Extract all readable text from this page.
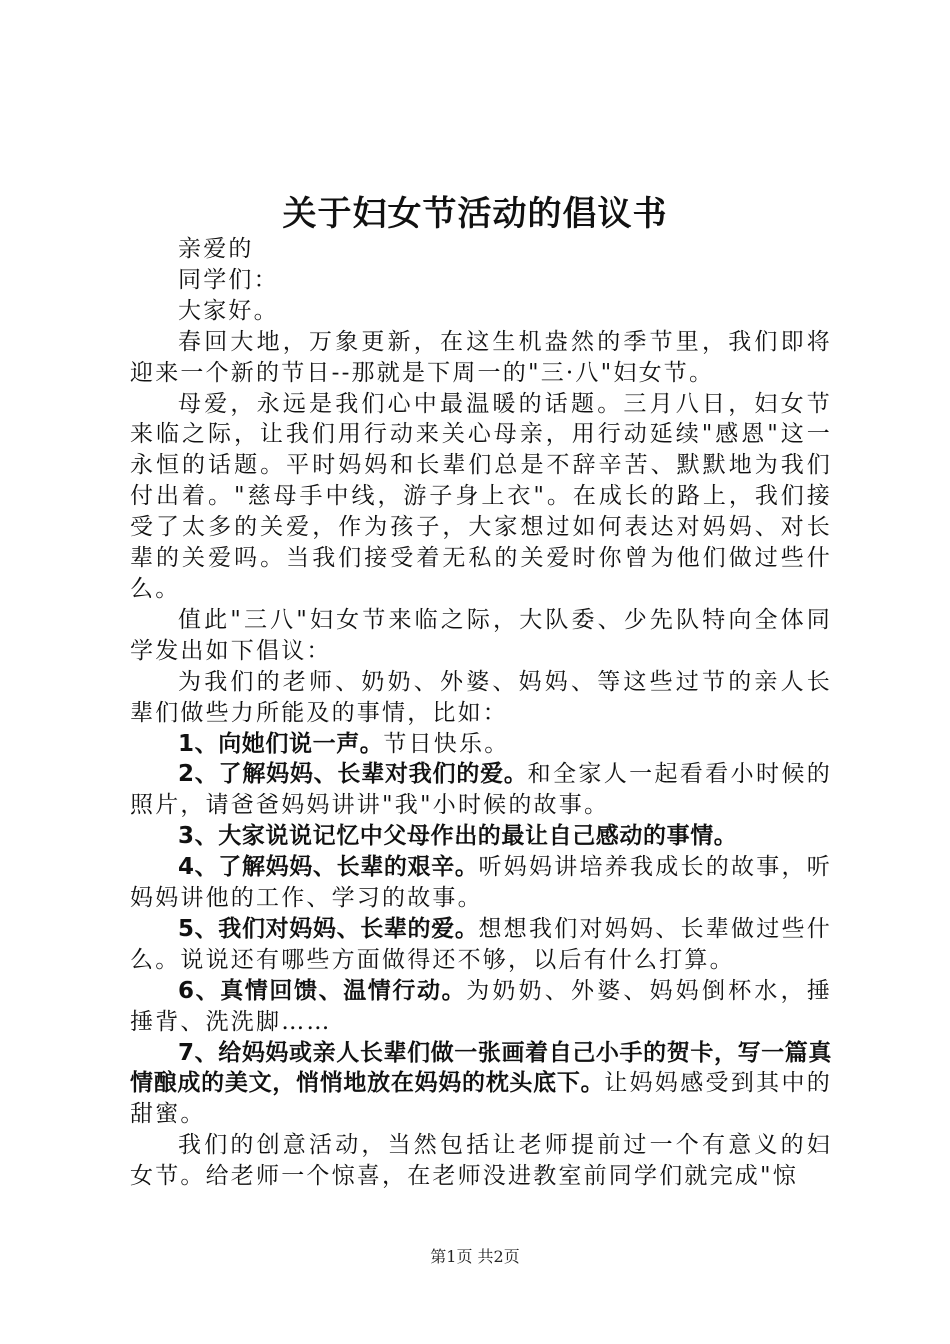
关于妇女节活动的倡议书

亲爱的

同学们：

大家好。

春回大地，万象更新，在这生机盎然的季节里，我们即将迎来一个新的节日--那就是下周一的"三·八"妇女节。

母爱，永远是我们心中最温暖的话题。三月八日，妇女节来临之际，让我们用行动来关心母亲，用行动延续"感恩"这一永恒的话题。平时妈妈和长辈们总是不辞辛苦、默默地为我们付出着。"慈母手中线，游子身上衣"。在成长的路上，我们接受了太多的关爱，作为孩子，大家想过如何表达对妈妈、对长辈的关爱吗。当我们接受着无私的关爱时你曾为他们做过些什么。

值此"三八"妇女节来临之际，大队委、少先队特向全体同学发出如下倡议：

为我们的老师、奶奶、外婆、妈妈、等这些过节的亲人长辈们做些力所能及的事情，比如：

1、向她们说一声。节日快乐。

2、了解妈妈、长辈对我们的爱。和全家人一起看看小时候的照片，请爸爸妈妈讲讲"我"小时候的故事。

3、大家说说记忆中父母作出的最让自己感动的事情。

4、了解妈妈、长辈的艰辛。听妈妈讲培养我成长的故事，听妈妈讲他的工作、学习的故事。

5、我们对妈妈、长辈的爱。想想我们对妈妈、长辈做过些什么。说说还有哪些方面做得还不够，以后有什么打算。

6、真情回馈、温情行动。为奶奶、外婆、妈妈倒杯水，捶捶背、洗洗脚……

7、给妈妈或亲人长辈们做一张画着自己小手的贺卡，写一篇真情酿成的美文，悄悄地放在妈妈的枕头底下。让妈妈感受到其中的甜蜜。

我们的创意活动，当然包括让老师提前过一个有意义的妇女节。给老师一个惊喜，在老师没进教室前同学们就完成"惊

第1页 共2页
